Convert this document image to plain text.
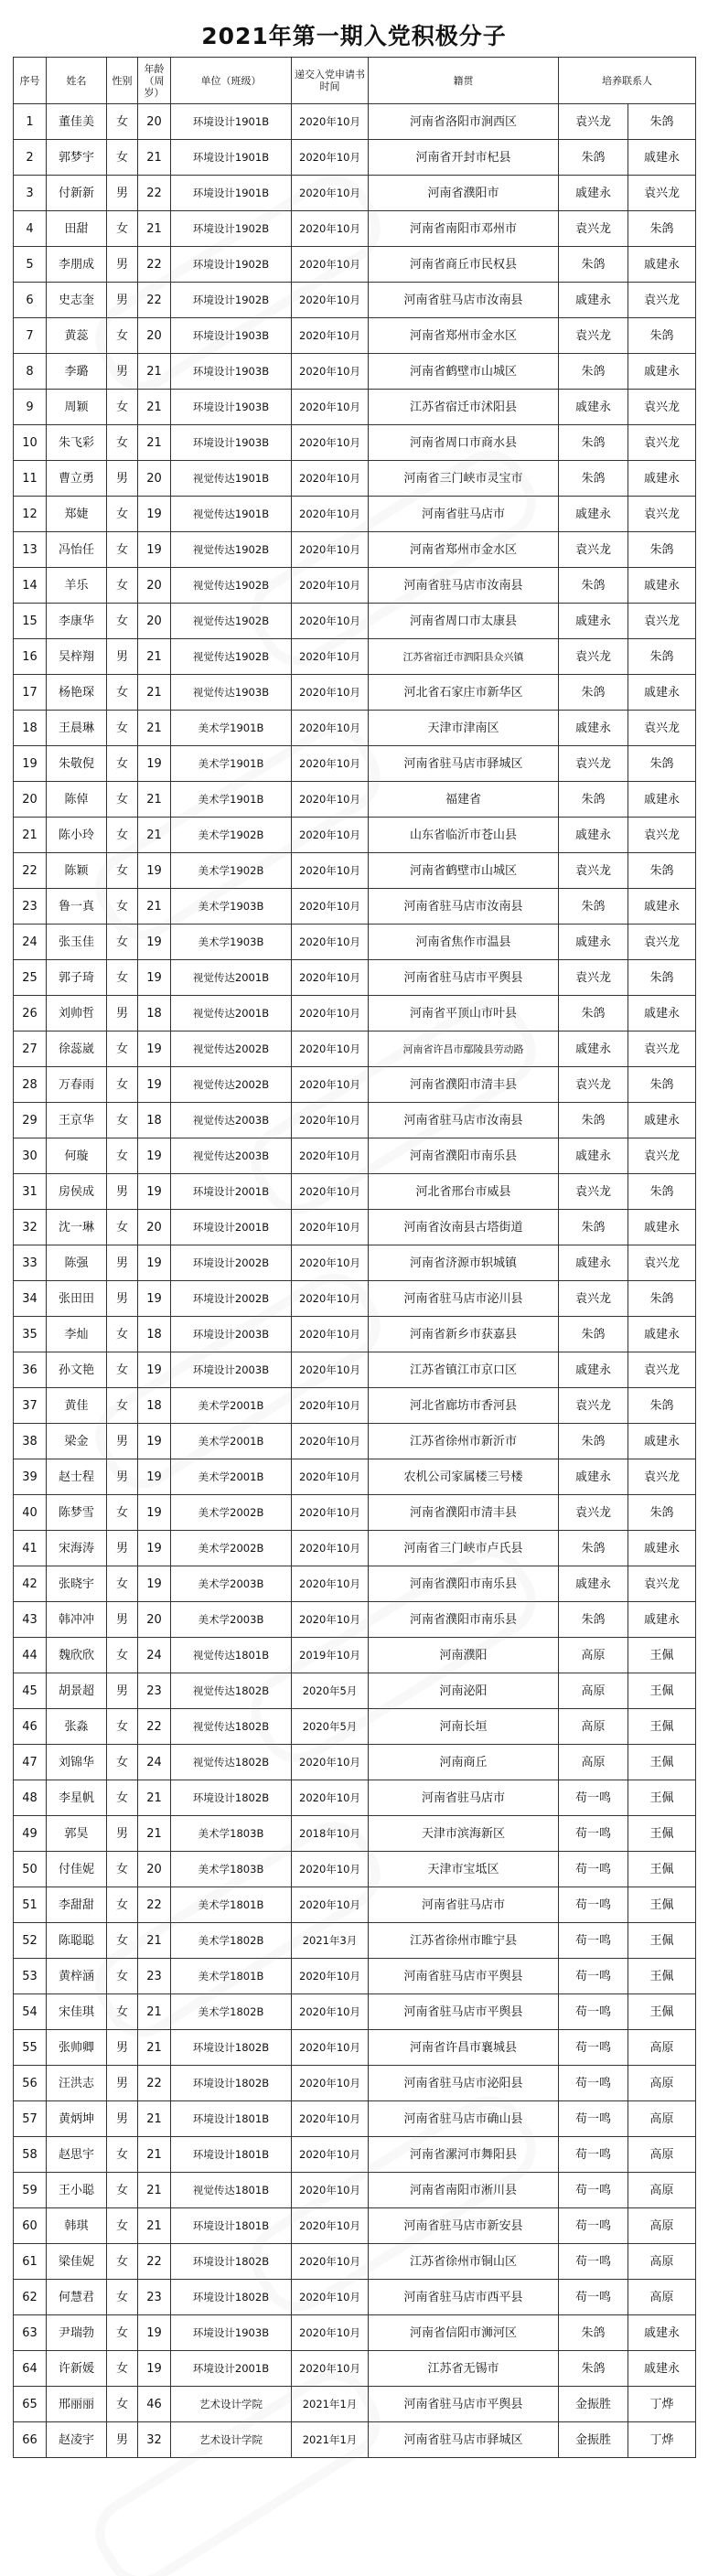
2021年第一期入党积极分子
序号	姓名	性别	年龄（周岁）	单位（班级）	递交入党申请书时间	籍贯	培养联系人	
1	董佳美	女	20	环境设计1901B	2020年10月	河南省洛阳市涧西区	袁兴龙	朱鸽
2	郭梦宇	女	21	环境设计1901B	2020年10月	河南省开封市杞县	朱鸽	戚建永
3	付新新	男	22	环境设计1901B	2020年10月	河南省濮阳市	戚建永	袁兴龙
4	田甜	女	21	环境设计1902B	2020年10月	河南省南阳市邓州市	袁兴龙	朱鸽
5	李朋成	男	22	环境设计1902B	2020年10月	河南省商丘市民权县	朱鸽	戚建永
6	史志奎	男	22	环境设计1902B	2020年10月	河南省驻马店市汝南县	戚建永	袁兴龙
7	黄蕊	女	20	环境设计1903B	2020年10月	河南省郑州市金水区	袁兴龙	朱鸽
8	李璐	男	21	环境设计1903B	2020年10月	河南省鹤壁市山城区	朱鸽	戚建永
9	周颖	女	21	环境设计1903B	2020年10月	江苏省宿迁市沭阳县	戚建永	袁兴龙
10	朱飞彩	女	21	环境设计1903B	2020年10月	河南省周口市商水县	朱鸽	袁兴龙
11	曹立勇	男	20	视觉传达1901B	2020年10月	河南省三门峡市灵宝市	朱鸽	戚建永
12	郑婕	女	19	视觉传达1901B	2020年10月	河南省驻马店市	戚建永	袁兴龙
13	冯怡任	女	19	视觉传达1902B	2020年10月	河南省郑州市金水区	袁兴龙	朱鸽
14	羊乐	女	20	视觉传达1902B	2020年10月	河南省驻马店市汝南县	朱鸽	戚建永
15	李康华	女	20	视觉传达1902B	2020年10月	河南省周口市太康县	戚建永	袁兴龙
16	吴梓翔	男	21	视觉传达1902B	2020年10月	江苏省宿迁市泗阳县众兴镇	袁兴龙	朱鸽
17	杨艳琛	女	21	视觉传达1903B	2020年10月	河北省石家庄市新华区	朱鸽	戚建永
18	王晨琳	女	21	美术学1901B	2020年10月	天津市津南区	戚建永	袁兴龙
19	朱敬倪	女	19	美术学1901B	2020年10月	河南省驻马店市驿城区	袁兴龙	朱鸽
20	陈倬	女	21	美术学1901B	2020年10月	福建省	朱鸽	戚建永
21	陈小玲	女	21	美术学1902B	2020年10月	山东省临沂市苍山县	戚建永	袁兴龙
22	陈颖	女	19	美术学1902B	2020年10月	河南省鹤壁市山城区	袁兴龙	朱鸽
23	鲁一真	女	21	美术学1903B	2020年10月	河南省驻马店市汝南县	朱鸽	戚建永
24	张玉佳	女	19	美术学1903B	2020年10月	河南省焦作市温县	戚建永	袁兴龙
25	郭子琦	女	19	视觉传达2001B	2020年10月	河南省驻马店市平舆县	袁兴龙	朱鸽
26	刘帅哲	男	18	视觉传达2001B	2020年10月	河南省平顶山市叶县	朱鸽	戚建永
27	徐蕊崴	女	19	视觉传达2002B	2020年10月	河南省许昌市鄢陵县劳动路	戚建永	袁兴龙
28	万春雨	女	19	视觉传达2002B	2020年10月	河南省濮阳市清丰县	袁兴龙	朱鸽
29	王京华	女	18	视觉传达2003B	2020年10月	河南省驻马店市汝南县	朱鸽	戚建永
30	何璇	女	19	视觉传达2003B	2020年10月	河南省濮阳市南乐县	戚建永	袁兴龙
31	房侯成	男	19	环境设计2001B	2020年10月	河北省邢台市威县	袁兴龙	朱鸽
32	沈一琳	女	20	环境设计2001B	2020年10月	河南省汝南县古塔街道	朱鸽	戚建永
33	陈强	男	19	环境设计2002B	2020年10月	河南省济源市轵城镇	戚建永	袁兴龙
34	张田田	男	19	环境设计2002B	2020年10月	河南省驻马店市泌川县	袁兴龙	朱鸽
35	李灿	女	18	环境设计2003B	2020年10月	河南省新乡市获嘉县	朱鸽	戚建永
36	孙文艳	女	19	环境设计2003B	2020年10月	江苏省镇江市京口区	戚建永	袁兴龙
37	黄佳	女	18	美术学2001B	2020年10月	河北省廊坊市香河县	袁兴龙	朱鸽
38	梁金	男	19	美术学2001B	2020年10月	江苏省徐州市新沂市	朱鸽	戚建永
39	赵士程	男	19	美术学2001B	2020年10月	农机公司家属楼三号楼	戚建永	袁兴龙
40	陈梦雪	女	19	美术学2002B	2020年10月	河南省濮阳市清丰县	袁兴龙	朱鸽
41	宋海涛	男	19	美术学2002B	2020年10月	河南省三门峡市卢氏县	朱鸽	戚建永
42	张晓宇	女	19	美术学2003B	2020年10月	河南省濮阳市南乐县	戚建永	袁兴龙
43	韩冲冲	男	20	美术学2003B	2020年10月	河南省濮阳市南乐县	朱鸽	戚建永
44	魏欣欣	女	24	视觉传达1801B	2019年10月	河南濮阳	高原	王佩
45	胡景超	男	23	视觉传达1802B	2020年5月	河南泌阳	高原	王佩
46	张淼	女	22	视觉传达1802B	2020年5月	河南长垣	高原	王佩
47	刘锦华	女	24	视觉传达1802B	2020年10月	河南商丘	高原	王佩
48	李星帆	女	21	环境设计1802B	2020年10月	河南省驻马店市	苟一鸣	王佩
49	郭昊	男	21	美术学1803B	2018年10月	天津市滨海新区	苟一鸣	王佩
50	付佳妮	女	20	美术学1803B	2020年10月	天津市宝坻区	苟一鸣	王佩
51	李甜甜	女	22	美术学1801B	2020年10月	河南省驻马店市	苟一鸣	王佩
52	陈聪聪	女	21	美术学1802B	2021年3月	江苏省徐州市睢宁县	苟一鸣	王佩
53	黄梓涵	女	23	美术学1801B	2020年10月	河南省驻马店市平舆县	苟一鸣	王佩
54	宋佳琪	女	21	美术学1802B	2020年10月	河南省驻马店市平舆县	苟一鸣	王佩
55	张帅卿	男	21	环境设计1802B	2020年10月	河南省许昌市襄城县	苟一鸣	高原
56	汪洪志	男	22	环境设计1802B	2020年10月	河南省驻马店市泌阳县	苟一鸣	高原
57	黄炳坤	男	21	环境设计1801B	2020年10月	河南省驻马店市确山县	苟一鸣	高原
58	赵思宇	女	21	环境设计1801B	2020年10月	河南省漯河市舞阳县	苟一鸣	高原
59	王小聪	女	21	视觉传达1801B	2020年10月	河南省南阳市淅川县	苟一鸣	高原
60	韩琪	女	21	环境设计1801B	2020年10月	河南省驻马店市新安县	苟一鸣	高原
61	梁佳妮	女	22	环境设计1802B	2020年10月	江苏省徐州市铜山区	苟一鸣	高原
62	何慧君	女	23	环境设计1802B	2020年10月	河南省驻马店市西平县	苟一鸣	高原
63	尹瑞勃	女	19	环境设计1903B	2020年10月	河南省信阳市浉河区	朱鸽	戚建永
64	许新媛	女	19	环境设计2001B	2020年10月	江苏省无锡市	朱鸽	戚建永
65	邢丽丽	女	46	艺术设计学院	2021年1月	河南省驻马店市平舆县	金振胜	丁烨
66	赵凌宇	男	32	艺术设计学院	2021年1月	河南省驻马店市驿城区	金振胜	丁烨
